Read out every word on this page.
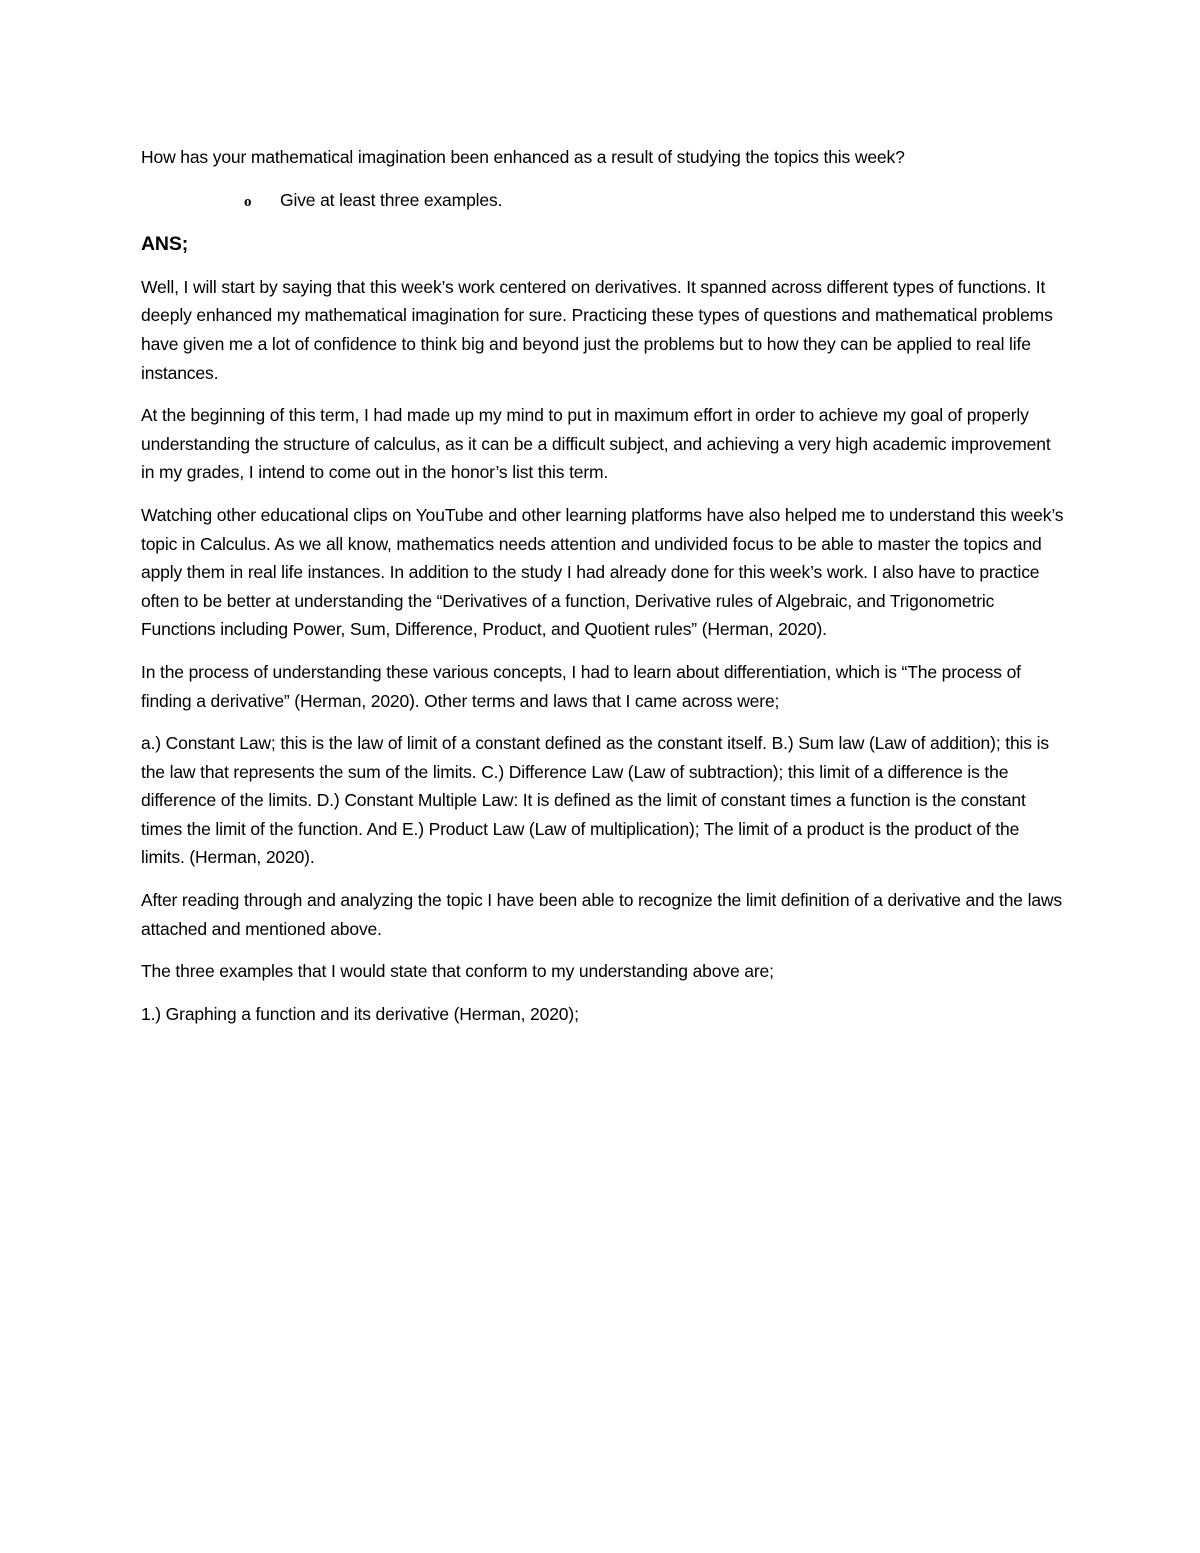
How has your mathematical imagination been enhanced as a result of studying the topics this week?

o	Give at least three examples.

ANS;

Well, I will start by saying that this week’s work centered on derivatives. It spanned across different types of functions. It deeply enhanced my mathematical imagination for sure. Practicing these types of questions and mathematical problems have given me a lot of confidence to think big and beyond just the problems but to how they can be applied to real life instances.

At the beginning of this term, I had made up my mind to put in maximum effort in order to achieve my goal of properly understanding the structure of calculus, as it can be a difficult subject, and achieving a very high academic improvement in my grades, I intend to come out in the honor’s list this term.

Watching other educational clips on YouTube and other learning platforms have also helped me to understand this week’s topic in Calculus. As we all know, mathematics needs attention and undivided focus to be able to master the topics and apply them in real life instances. In addition to the study I had already done for this week’s work. I also have to practice often to be better at understanding the “Derivatives of a function, Derivative rules of Algebraic, and Trigonometric Functions including Power, Sum, Difference, Product, and Quotient rules” (Herman, 2020).

In the process of understanding these various concepts, I had to learn about differentiation, which is “The process of finding a derivative” (Herman, 2020). Other terms and laws that I came across were;

a.) Constant Law; this is the law of limit of a constant defined as the constant itself. B.) Sum law (Law of addition); this is the law that represents the sum of the limits. C.) Difference Law (Law of subtraction); this limit of a difference is the difference of the limits. D.) Constant Multiple Law: It is defined as the limit of constant times a function is the constant times the limit of the function. And E.) Product Law (Law of multiplication); The limit of a product is the product of the limits. (Herman, 2020).

After reading through and analyzing the topic I have been able to recognize the limit definition of a derivative and the laws attached and mentioned above.

The three examples that I would state that conform to my understanding above are;

1.) Graphing a function and its derivative (Herman, 2020);
